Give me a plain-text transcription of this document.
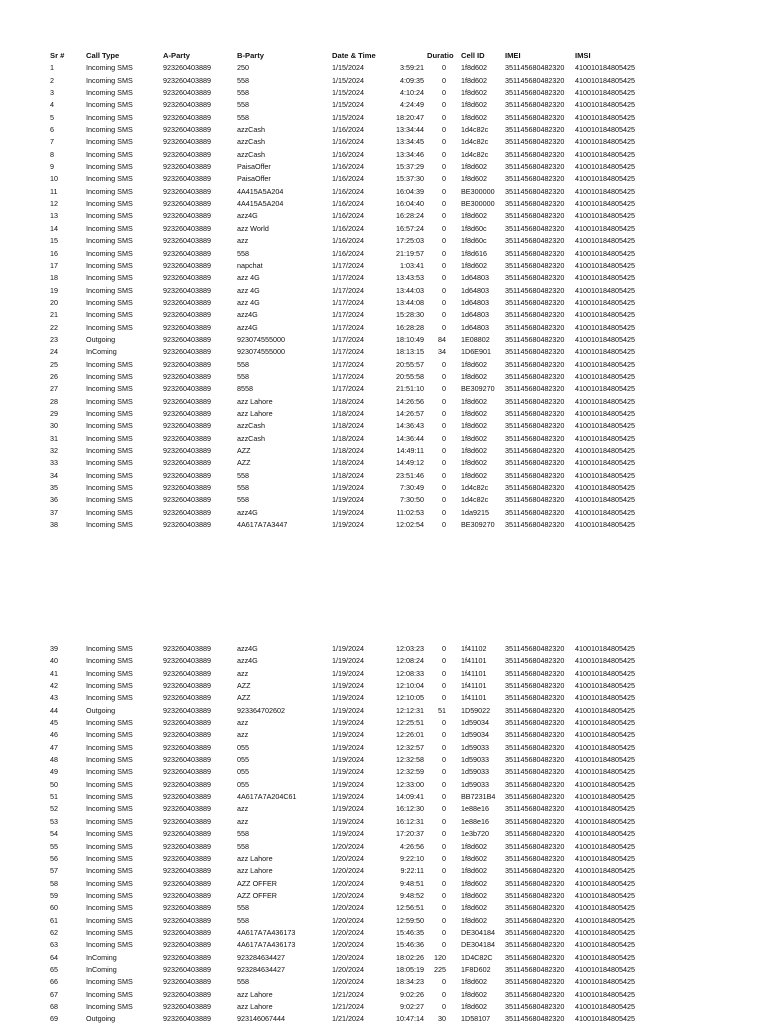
Sr #	Call Type	A-Party	B-Party	Date & Time	Duratio Cell ID	IMEI	IMSI
1	Incoming SMS	923260403889	250	1/15/2024	3:59:21	0 1f8d602	351145680482320	410010184805425
2	Incoming SMS	923260403889	558	1/15/2024	4:09:35	0 1f8d602	351145680482320	410010184805425
3	Incoming SMS	923260403889	558	1/15/2024	4:10:24	0 1f8d602	351145680482320	410010184805425
4	Incoming SMS	923260403889	558	1/15/2024	4:24:49	0 1f8d602	351145680482320	410010184805425
5	Incoming SMS	923260403889	558	1/15/2024	18:20:47	0 1f8d602	351145680482320	410010184805425
6	Incoming SMS	923260403889	azzCash	1/16/2024	13:34:44	0 1d4c82c	351145680482320	410010184805425
7	Incoming SMS	923260403889	azzCash	1/16/2024	13:34:45	0 1d4c82c	351145680482320	410010184805425
8	Incoming SMS	923260403889	azzCash	1/16/2024	13:34:46	0 1d4c82c	351145680482320	410010184805425
9	Incoming SMS	923260403889	PaisaOffer	1/16/2024	15:37:29	0 1f8d602	351145680482320	410010184805425
10	Incoming SMS	923260403889	PaisaOffer	1/16/2024	15:37:30	0 1f8d602	351145680482320	410010184805425
11	Incoming SMS	923260403889	4A415A5A204	1/16/2024	16:04:39	0 BE300000	351145680482320	410010184805425
12	Incoming SMS	923260403889	4A415A5A204	1/16/2024	16:04:40	0 BE300000	351145680482320	410010184805425
13	Incoming SMS	923260403889	azz4G	1/16/2024	16:28:24	0 1f8d602	351145680482320	410010184805425
14	Incoming SMS	923260403889	azz World	1/16/2024	16:57:24	0 1f8d60c	351145680482320	410010184805425
15	Incoming SMS	923260403889	azz	1/16/2024	17:25:03	0 1f8d60c	351145680482320	410010184805425
16	Incoming SMS	923260403889	558	1/16/2024	21:19:57	0 1f8d616	351145680482320	410010184805425
17	Incoming SMS	923260403889	napchat	1/17/2024	1:03:41	0 1f8d602	351145680482320	410010184805425
18	Incoming SMS	923260403889	azz 4G	1/17/2024	13:43:53	0 1d64803	351145680482320	410010184805425
19	Incoming SMS	923260403889	azz 4G	1/17/2024	13:44:03	0 1d64803	351145680482320	410010184805425
20	Incoming SMS	923260403889	azz 4G	1/17/2024	13:44:08	0 1d64803	351145680482320	410010184805425
21	Incoming SMS	923260403889	azz4G	1/17/2024	15:28:30	0 1d64803	351145680482320	410010184805425
22	Incoming SMS	923260403889	azz4G	1/17/2024	16:28:28	0 1d64803	351145680482320	410010184805425
23	Outgoing	923260403889	923074555000	1/17/2024	18:10:49	84 1E08802	351145680482320	410010184805425
24	InComing	923260403889	923074555000	1/17/2024	18:13:15	34 1D6E901	351145680482320	410010184805425
25	Incoming SMS	923260403889	558	1/17/2024	20:55:57	0 1f8d602	351145680482320	410010184805425
26	Incoming SMS	923260403889	558	1/17/2024	20:55:58	0 1f8d602	351145680482320	410010184805425
27	Incoming SMS	923260403889	8558	1/17/2024	21:51:10	0 BE309270	351145680482320	410010184805425
28	Incoming SMS	923260403889	azz Lahore	1/18/2024	14:26:56	0 1f8d602	351145680482320	410010184805425
29	Incoming SMS	923260403889	azz Lahore	1/18/2024	14:26:57	0 1f8d602	351145680482320	410010184805425
30	Incoming SMS	923260403889	azzCash	1/18/2024	14:36:43	0 1f8d602	351145680482320	410010184805425
31	Incoming SMS	923260403889	azzCash	1/18/2024	14:36:44	0 1f8d602	351145680482320	410010184805425
32	Incoming SMS	923260403889	AZZ	1/18/2024	14:49:11	0 1f8d602	351145680482320	410010184805425
33	Incoming SMS	923260403889	AZZ	1/18/2024	14:49:12	0 1f8d602	351145680482320	410010184805425
34	Incoming SMS	923260403889	558	1/18/2024	23:51:46	0 1f8d602	351145680482320	410010184805425
35	Incoming SMS	923260403889	558	1/19/2024	7:30:49	0 1d4c82c	351145680482320	410010184805425
36	Incoming SMS	923260403889	558	1/19/2024	7:30:50	0 1d4c82c	351145680482320	410010184805425
37	Incoming SMS	923260403889	azz4G	1/19/2024	11:02:53	0 1da9215	351145680482320	410010184805425
38	Incoming SMS	923260403889	4A617A7A3447	1/19/2024	12:02:54	0 BE309270	351145680482320	410010184805425
39	Incoming SMS	923260403889	azz4G	1/19/2024	12:03:23	0 1f41102	351145680482320	410010184805425
40	Incoming SMS	923260403889	azz4G	1/19/2024	12:08:24	0 1f41101	351145680482320	410010184805425
41	Incoming SMS	923260403889	azz	1/19/2024	12:08:33	0 1f41101	351145680482320	410010184805425
42	Incoming SMS	923260403889	AZZ	1/19/2024	12:10:04	0 1f41101	351145680482320	410010184805425
43	Incoming SMS	923260403889	AZZ	1/19/2024	12:10:05	0 1f41101	351145680482320	410010184805425
44	Outgoing	923260403889	923364702602	1/19/2024	12:12:31	51 1D59022	351145680482320	410010184805425
45	Incoming SMS	923260403889	azz	1/19/2024	12:25:51	0 1d59034	351145680482320	410010184805425
46	Incoming SMS	923260403889	azz	1/19/2024	12:26:01	0 1d59034	351145680482320	410010184805425
47	Incoming SMS	923260403889	055	1/19/2024	12:32:57	0 1d59033	351145680482320	410010184805425
48	Incoming SMS	923260403889	055	1/19/2024	12:32:58	0 1d59033	351145680482320	410010184805425
49	Incoming SMS	923260403889	055	1/19/2024	12:32:59	0 1d59033	351145680482320	410010184805425
50	Incoming SMS	923260403889	055	1/19/2024	12:33:00	0 1d59033	351145680482320	410010184805425
51	Incoming SMS	923260403889	4A617A7A204C61	1/19/2024	14:09:41	0 BB7231B4	351145680482320	410010184805425
52	Incoming SMS	923260403889	azz	1/19/2024	16:12:30	0 1e88e16	351145680482320	410010184805425
53	Incoming SMS	923260403889	azz	1/19/2024	16:12:31	0 1e88e16	351145680482320	410010184805425
54	Incoming SMS	923260403889	558	1/19/2024	17:20:37	0 1e3b720	351145680482320	410010184805425
55	Incoming SMS	923260403889	558	1/20/2024	4:26:56	0 1f8d602	351145680482320	410010184805425
56	Incoming SMS	923260403889	azz Lahore	1/20/2024	9:22:10	0 1f8d602	351145680482320	410010184805425
57	Incoming SMS	923260403889	azz Lahore	1/20/2024	9:22:11	0 1f8d602	351145680482320	410010184805425
58	Incoming SMS	923260403889	AZZ OFFER	1/20/2024	9:48:51	0 1f8d602	351145680482320	410010184805425
59	Incoming SMS	923260403889	AZZ OFFER	1/20/2024	9:48:52	0 1f8d602	351145680482320	410010184805425
60	Incoming SMS	923260403889	558	1/20/2024	12:56:51	0 1f8d602	351145680482320	410010184805425
61	Incoming SMS	923260403889	558	1/20/2024	12:59:50	0 1f8d602	351145680482320	410010184805425
62	Incoming SMS	923260403889	4A617A7A436173	1/20/2024	15:46:35	0 DE304184	351145680482320	410010184805425
63	Incoming SMS	923260403889	4A617A7A436173	1/20/2024	15:46:36	0 DE304184	351145680482320	410010184805425
64	InComing	923260403889	923284634427	1/20/2024	18:02:26	120 1D4C82C	351145680482320	410010184805425
65	InComing	923260403889	923284634427	1/20/2024	18:05:19	225 1F8D602	351145680482320	410010184805425
66	Incoming SMS	923260403889	558	1/20/2024	18:34:23	0 1f8d602	351145680482320	410010184805425
67	Incoming SMS	923260403889	azz Lahore	1/21/2024	9:02:26	0 1f8d602	351145680482320	410010184805425
68	Incoming SMS	923260403889	azz Lahore	1/21/2024	9:02:27	0 1f8d602	351145680482320	410010184805425
69	Outgoing	923260403889	923146067444	1/21/2024	10:47:14	30 1D58107	351145680482320	410010184805425
